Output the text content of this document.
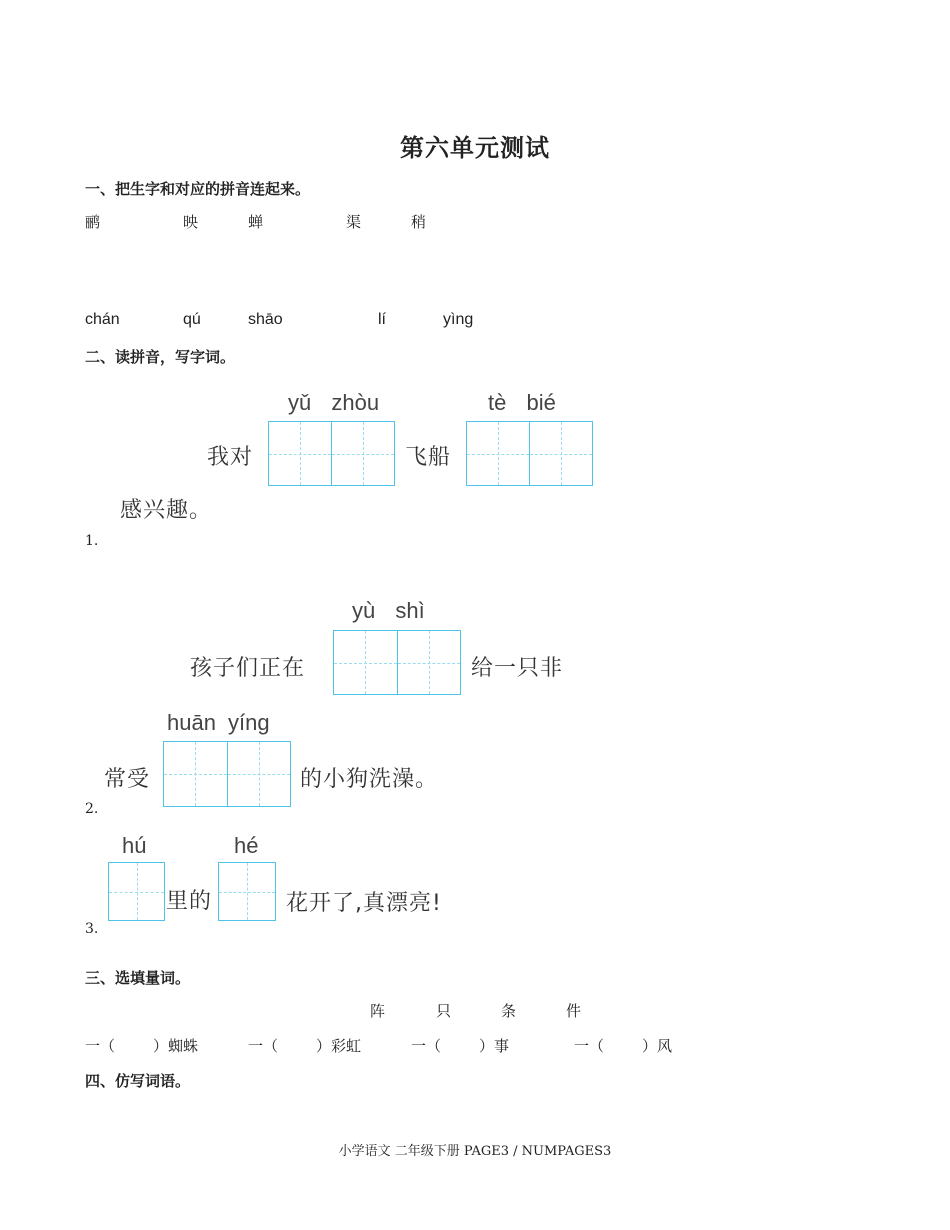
第六单元测试
一、把生字和对应的拼音连起来。
鹂	映	蝉	渠	稍
chán	qú	shāo	lí	yìng
二、读拼音，写字词。
yǔ zhòu	tè bié
我对	飞船
感兴趣。
1.
yù shì
孩子们正在	给一只非
huān yíng
常受	的小狗洗澡。
2.
hú	hé
里的	花开了,真漂亮!
3.
三、选填量词。
阵	只	条	件
一（	）蜘蛛	一（	）彩虹	一（	）事	一（	）风
四、仿写词语。
小学语文 二年级下册 PAGE3 / NUMPAGES3
